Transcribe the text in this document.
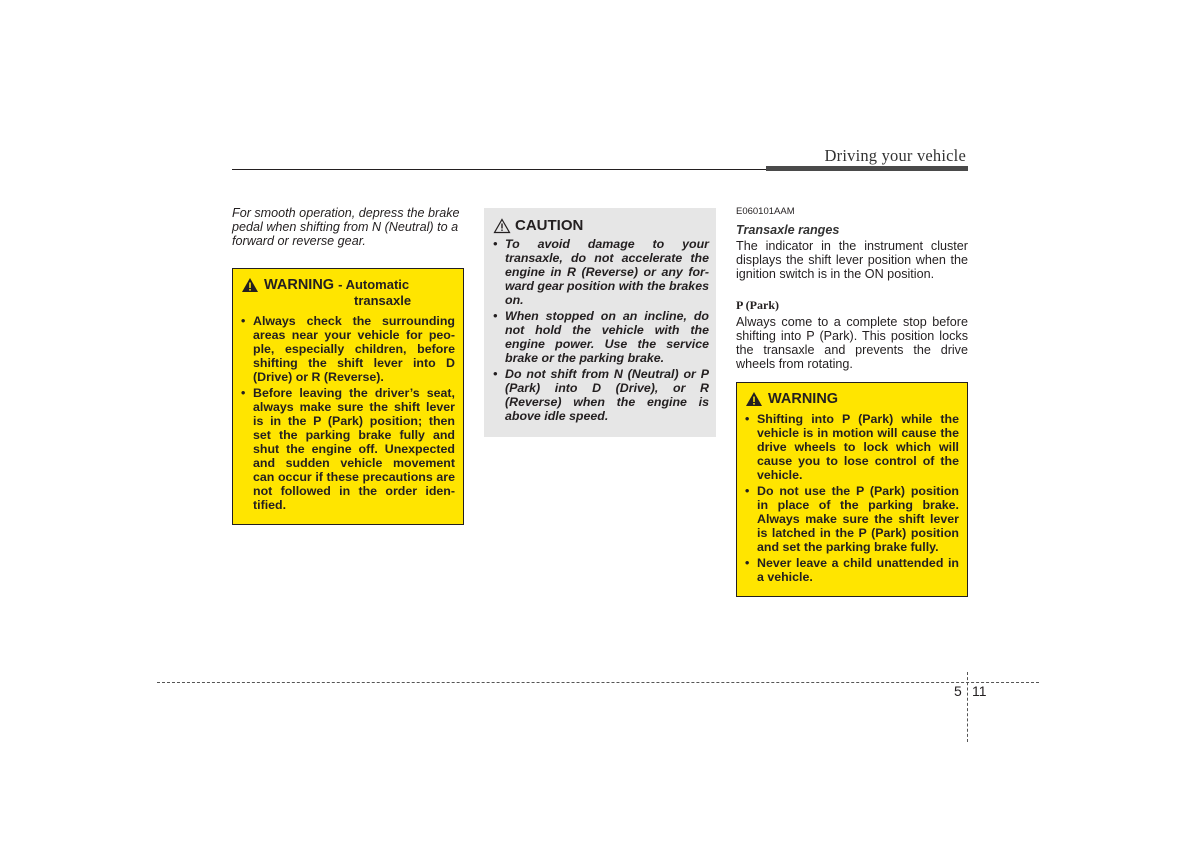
Driving your vehicle

For smooth operation, depress the brake pedal when shifting from N (Neutral) to a forward or reverse gear.

WARNING - Automatic
transaxle
• Always check the surrounding areas near your vehicle for peo-ple, especially children, before shifting the shift lever into D (Drive) or R (Reverse).
• Before leaving the driver’s seat, always make sure the shift lever is in the P (Park) position; then set the parking brake fully and shut the engine off. Unexpected and sudden vehicle movement can occur if these precautions are not followed in the order iden-tified.
CAUTION
• To avoid damage to your transaxle, do not accelerate the engine in R (Reverse) or any for-ward gear position with the brakes on.
• When stopped on an incline, do not hold the vehicle with the engine power. Use the service brake or the parking brake.
• Do not shift from N (Neutral) or P (Park) into D (Drive), or R (Reverse) when the engine is above idle speed.

E060101AAM

Transaxle ranges

The indicator in the instrument cluster displays the shift lever position when the ignition switch is in the ON position.

P (Park)

Always come to a complete stop before shifting into P (Park). This position locks the transaxle and prevents the drive wheels from rotating.

WARNING
• Shifting into P (Park) while the vehicle is in motion will cause the drive wheels to lock which will cause you to lose control of the vehicle.
• Do not use the P (Park) position in place of the parking brake. Always make sure the shift lever is latched in the P (Park) position and set the parking brake fully.
• Never leave a child unattended in a vehicle.
5 11
